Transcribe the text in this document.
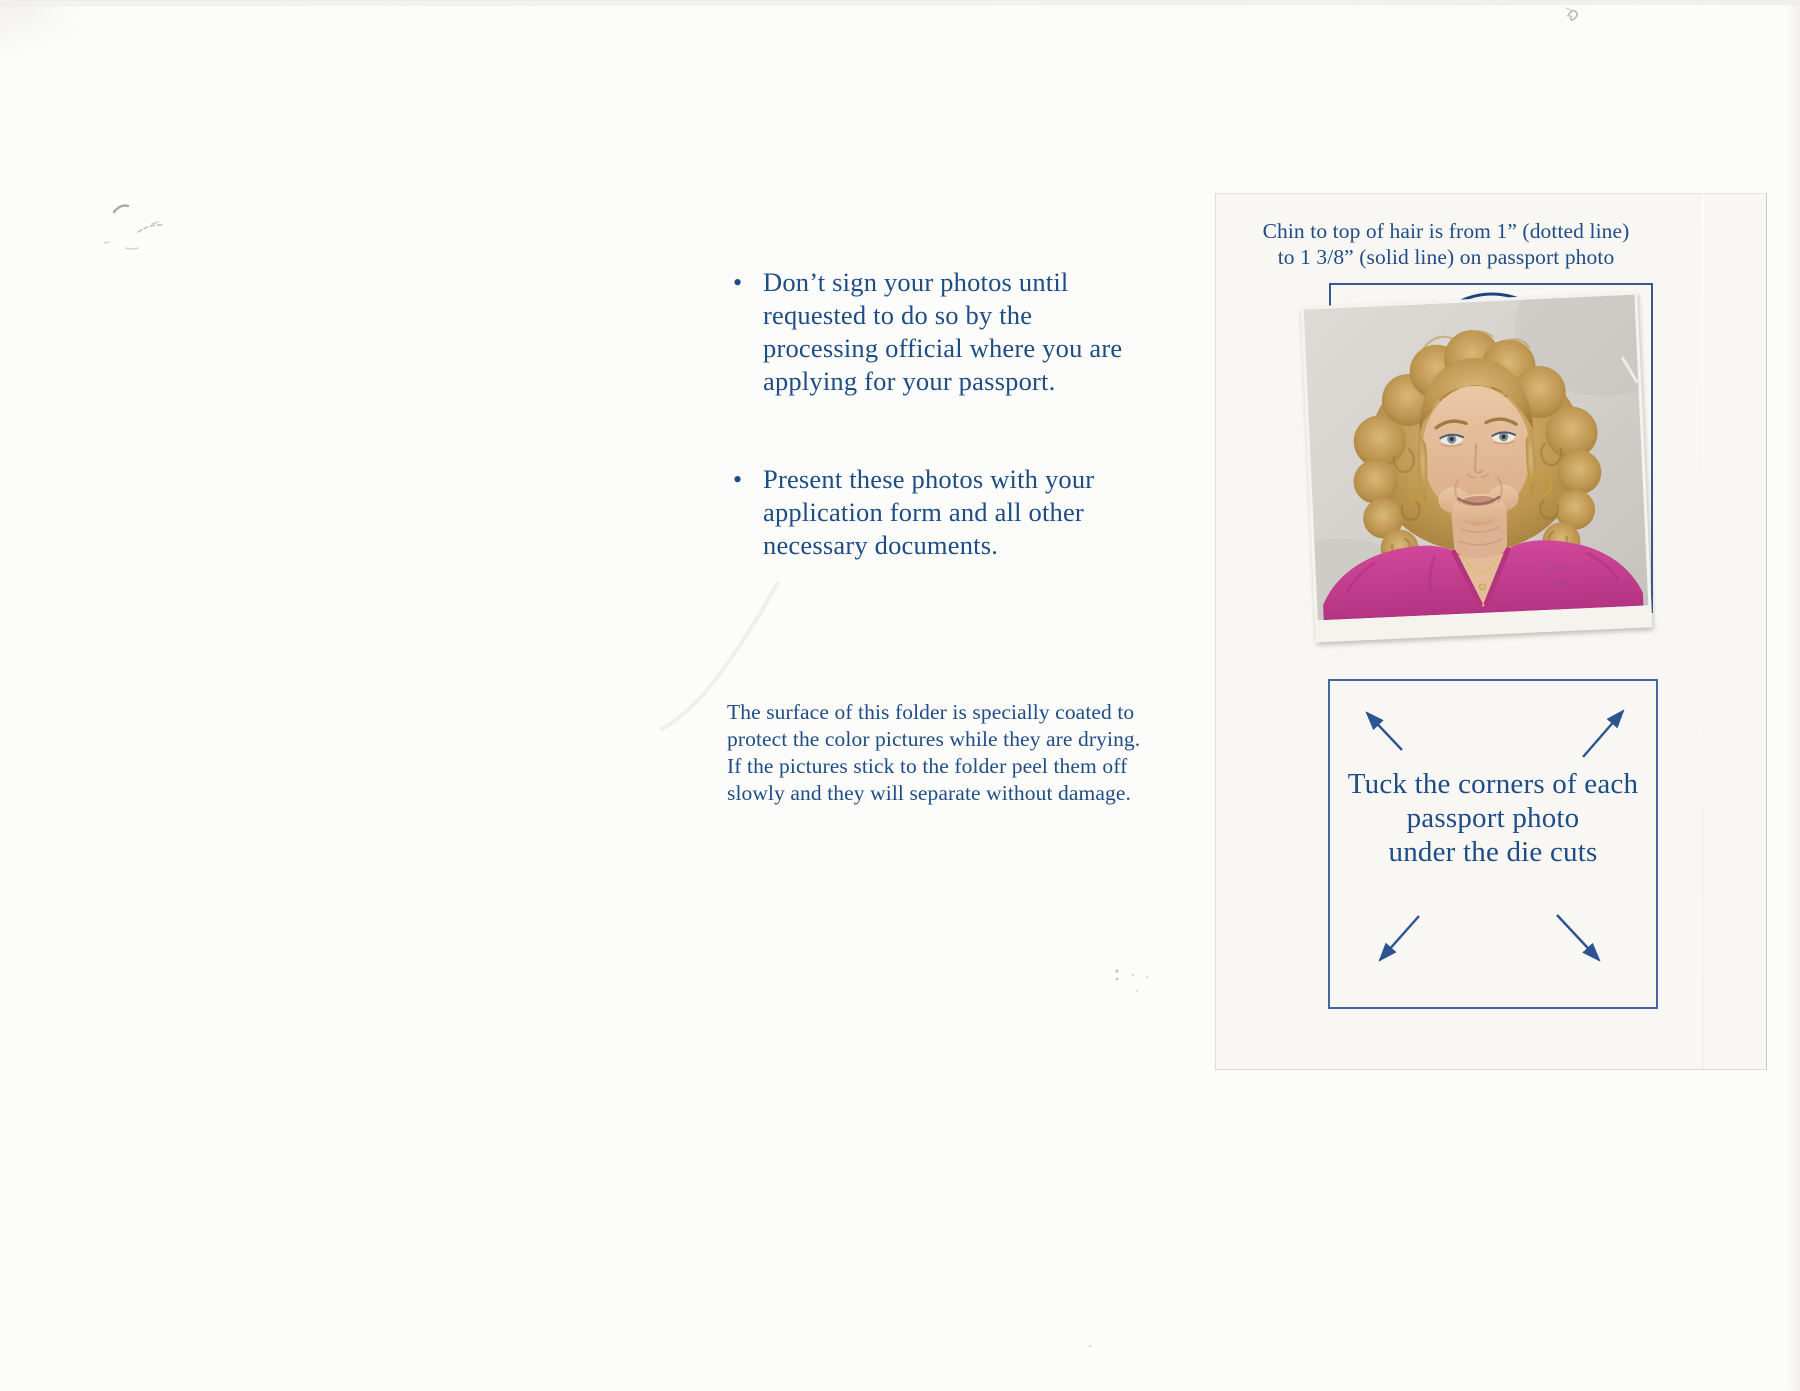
• Don’t sign your photos until
requested to do so by the
processing official where you are
applying for your passport.
• Present these photos with your
application form and all other
necessary documents.
The surface of this folder is specially coated to
protect the color pictures while they are drying.
If the pictures stick to the folder peel them off
slowly and they will separate without damage.
Chin to top of hair is from 1” (dotted line)
to 1 3/8” (solid line) on passport photo
Tuck the corners of each
passport photo
under the die cuts
